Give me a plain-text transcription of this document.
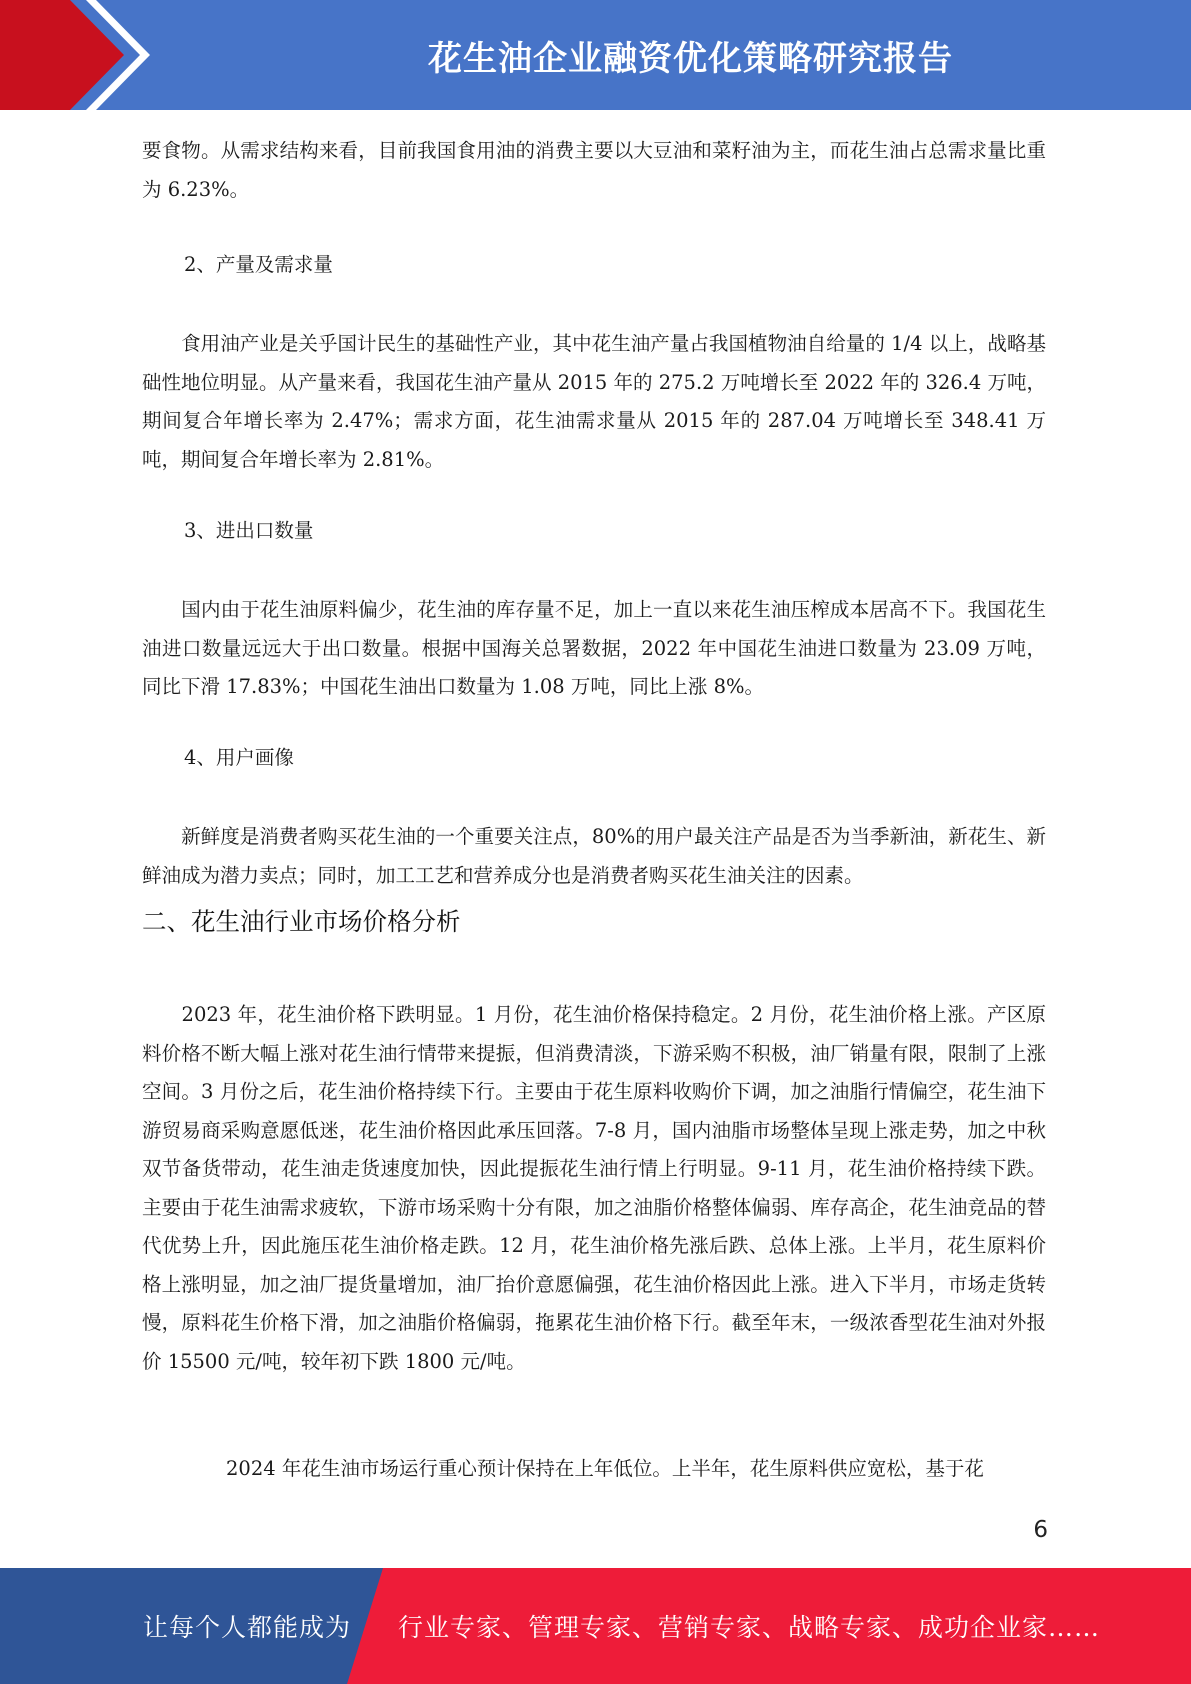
花生油企业融资优化策略研究报告
要食物。从需求结构来看，目前我国食用油的消费主要以大豆油和菜籽油为主，而花生油占总需求量比重为 6.23%。
2、产量及需求量
　　食用油产业是关乎国计民生的基础性产业，其中花生油产量占我国植物油自给量的 1/4 以上，战略基础性地位明显。从产量来看，我国花生油产量从 2015 年的 275.2 万吨增长至 2022 年的 326.4 万吨，期间复合年增长率为 2.47%；需求方面，花生油需求量从 2015 年的 287.04 万吨增长至 348.41 万吨，期间复合年增长率为 2.81%。
3、进出口数量
　　国内由于花生油原料偏少，花生油的库存量不足，加上一直以来花生油压榨成本居高不下。我国花生油进口数量远远大于出口数量。根据中国海关总署数据，2022 年中国花生油进口数量为 23.09 万吨，同比下滑 17.83%；中国花生油出口数量为 1.08 万吨，同比上涨 8%。
4、用户画像
　　新鲜度是消费者购买花生油的一个重要关注点，80%的用户最关注产品是否为当季新油，新花生、新鲜油成为潜力卖点；同时，加工工艺和营养成分也是消费者购买花生油关注的因素。
二、花生油行业市场价格分析
　　2023 年，花生油价格下跌明显。1 月份，花生油价格保持稳定。2 月份，花生油价格上涨。产区原料价格不断大幅上涨对花生油行情带来提振，但消费清淡，下游采购不积极，油厂销量有限，限制了上涨空间。3 月份之后，花生油价格持续下行。主要由于花生原料收购价下调，加之油脂行情偏空，花生油下游贸易商采购意愿低迷，花生油价格因此承压回落。7-8 月，国内油脂市场整体呈现上涨走势，加之中秋双节备货带动，花生油走货速度加快，因此提振花生油行情上行明显。9-11 月，花生油价格持续下跌。主要由于花生油需求疲软，下游市场采购十分有限，加之油脂价格整体偏弱、库存高企，花生油竞品的替代优势上升，因此施压花生油价格走跌。12 月，花生油价格先涨后跌、总体上涨。上半月，花生原料价格上涨明显，加之油厂提货量增加，油厂抬价意愿偏强，花生油价格因此上涨。进入下半月，市场走货转慢，原料花生价格下滑，加之油脂价格偏弱，拖累花生油价格下行。截至年末，一级浓香型花生油对外报价 15500 元/吨，较年初下跌 1800 元/吨。
2024 年花生油市场运行重心预计保持在上年低位。上半年，花生原料供应宽松，基于花
6
让每个人都能成为 行业专家、管理专家、营销专家、战略专家、成功企业家……
